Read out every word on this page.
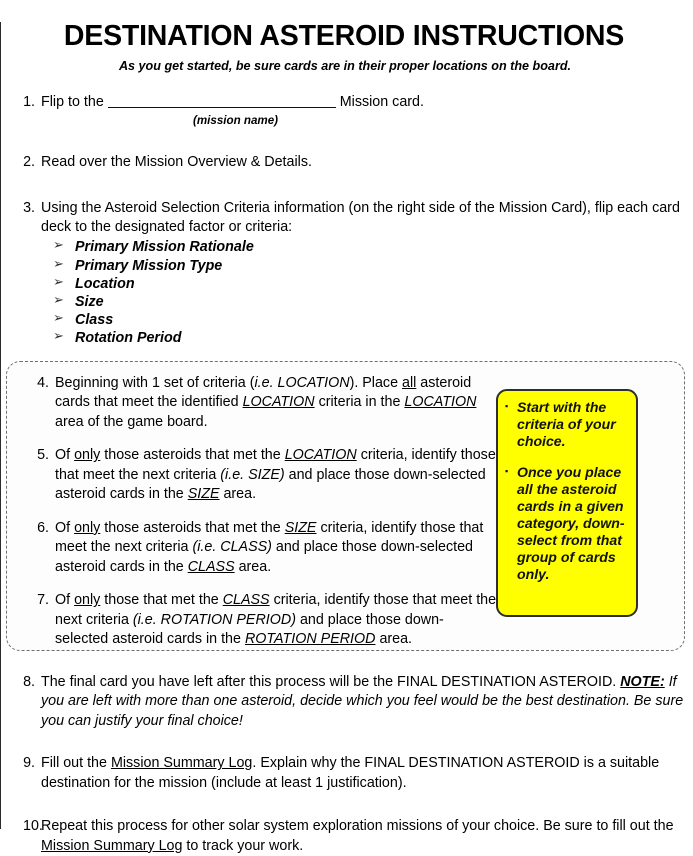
DESTINATION ASTEROID INSTRUCTIONS
As you get started, be sure cards are in their proper locations on the board.
1. Flip to the	Mission card.
(mission name)
2. Read over the Mission Overview & Details.
3. Using the Asteroid Selection Criteria information (on the right side of the Mission Card), flip each card deck to the designated factor or criteria:
➢ Primary Mission Rationale
➢ Primary Mission Type
➢ Location
➢ Size
➢ Class
➢ Rotation Period
4. Beginning with 1 set of criteria (i.e. LOCATION). Place all asteroid cards that meet the identified LOCATION criteria in the LOCATION area of the game board.
5. Of only those asteroids that met the LOCATION criteria, identify those that meet the next criteria (i.e. SIZE) and place those down-selected asteroid cards in the SIZE area.
6. Of only those asteroids that met the SIZE criteria, identify those that meet the next criteria (i.e. CLASS) and place those down-selected asteroid cards in the CLASS area.
7. Of only those that met the CLASS criteria, identify those that meet the next criteria (i.e. ROTATION PERIOD) and place those down-selected asteroid cards in the ROTATION PERIOD area.
▪ Start with the criteria of your choice.
▪ Once you place all the asteroid cards in a given category, down-select from that group of cards only.
8. The final card you have left after this process will be the FINAL DESTINATION ASTEROID. NOTE: If you are left with more than one asteroid, decide which you feel would be the best destination. Be sure you can justify your final choice!
9. Fill out the Mission Summary Log. Explain why the FINAL DESTINATION ASTEROID is a suitable destination for the mission (include at least 1 justification).
10.
Repeat this process for other solar system exploration missions of your choice. Be sure to fill out the Mission Summary Log to track your work.
